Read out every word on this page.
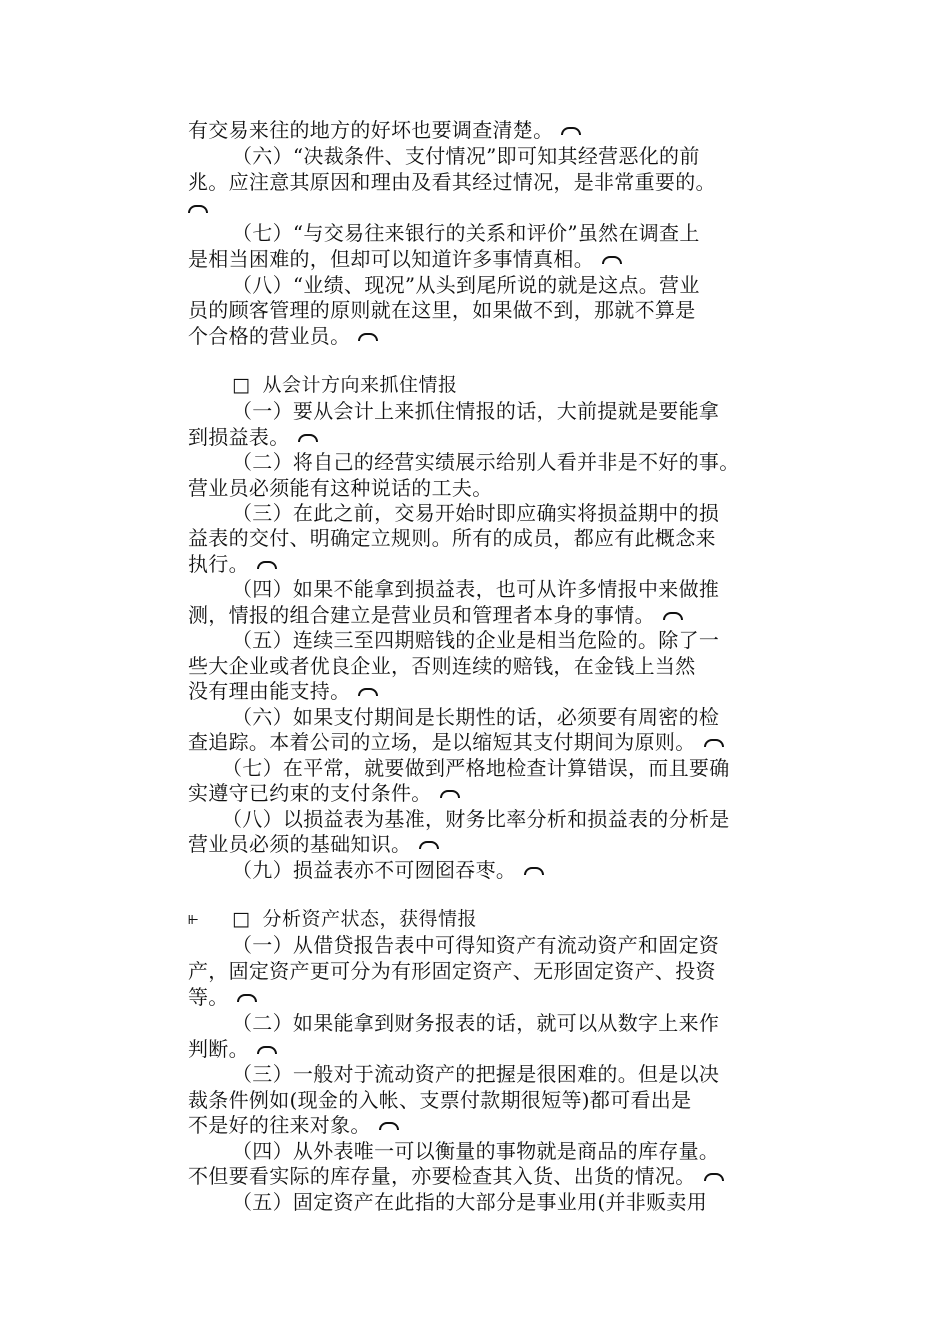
有交易来往的地方的好坏也要调查清楚。
（六）“决裁条件、支付情况”即可知其经营恶化的前
兆。应注意其原因和理由及看其经过情况，是非常重要的。
（七）“与交易往来银行的关系和评价”虽然在调查上
是相当困难的，但却可以知道许多事情真相。
（八）“业绩、现况”从头到尾所说的就是这点。营业
员的顾客管理的原则就在这里，如果做不到，那就不算是
个合格的营业员。
□ 从会计方向来抓住情报
（一）要从会计上来抓住情报的话，大前提就是要能拿
到损益表。
（二）将自己的经营实绩展示给别人看并非是不好的事。
营业员必须能有这种说话的工夫。
（三）在此之前，交易开始时即应确实将损益期中的损
益表的交付、明确定立规则。所有的成员，都应有此概念来
执行。
（四）如果不能拿到损益表，也可从许多情报中来做推
测，情报的组合建立是营业员和管理者本身的事情。
（五）连续三至四期赔钱的企业是相当危险的。除了一
些大企业或者优良企业，否则连续的赔钱，在金钱上当然
没有理由能支持。
（六）如果支付期间是长期性的话，必须要有周密的检
查追踪。本着公司的立场，是以缩短其支付期间为原则。
（七）在平常，就要做到严格地检查计算错误，而且要确
实遵守已约束的支付条件。
（八）以损益表为基准，财务比率分析和损益表的分析是
营业员必须的基础知识。
（九）损益表亦不可囫囵吞枣。
⫦ □ 分析资产状态，获得情报
（一）从借贷报告表中可得知资产有流动资产和固定资
产，固定资产更可分为有形固定资产、无形固定资产、投资
等。
（二）如果能拿到财务报表的话，就可以从数字上来作
判断。
（三）一般对于流动资产的把握是很困难的。但是以决
裁条件例如(现金的入帐、支票付款期很短等)都可看出是
不是好的往来对象。
（四）从外表唯一可以衡量的事物就是商品的库存量。
不但要看实际的库存量，亦要检查其入货、出货的情况。
（五）固定资产在此指的大部分是事业用(并非贩卖用
